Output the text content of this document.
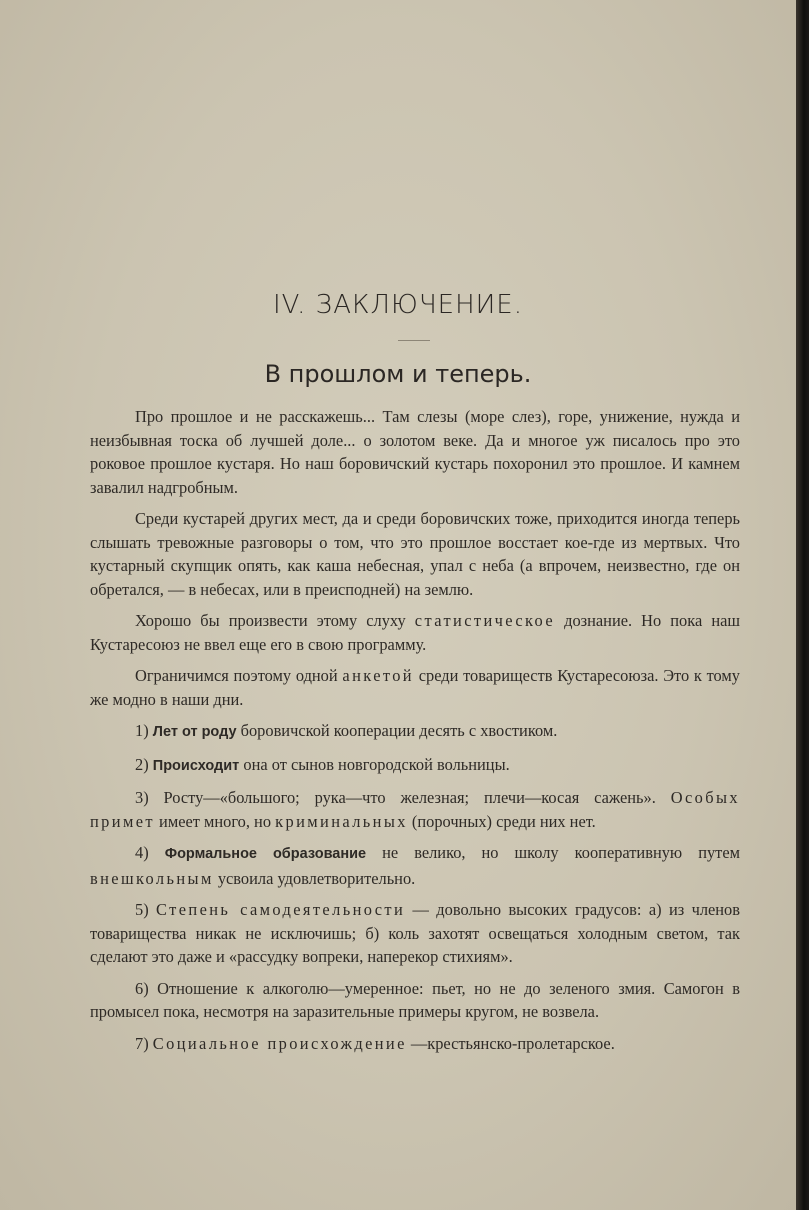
IV. ЗАКЛЮЧЕНИЕ.
В прошлом и теперь.

Про прошлое и не расскажешь... Там слезы (море слез), горе, унижение, нужда и неизбывная тоска об лучшей доле... о золотом веке. Да и многое уж писалось про это роковое прошлое кустаря. Но наш боровичский кустарь похоронил это прошлое. И камнем завалил надгробным.

Среди кустарей других мест, да и среди боровичских тоже, приходится иногда теперь слышать тревожные разговоры о том, что это прошлое восстает кое-где из мертвых. Что кустарный скупщик опять, как каша небесная, упал с неба (а впрочем, неизвестно, где он обретался, — в небесах, или в преисподней) на землю.

Хорошо бы произвести этому слуху статистическое дознание. Но пока наш Кустаресоюз не ввел еще его в свою программу.

Ограничимся поэтому одной анкетой среди товариществ Кустаресоюза. Это к тому же модно в наши дни.

1) Лет от роду боровичской кооперации десять с хвостиком.

2) Происходит она от сынов новгородской вольницы.

3) Росту—«большого; рука—что железная; плечи—косая сажень». Особых примет имеет много, но криминальных (порочных) среди них нет.

4) Формальное образование не велико, но школу кооперативную путем внешкольным усвоила удовлетворительно.

5) Степень самодеятельности — довольно высоких градусов: а) из членов товарищества никак не исключишь; б) коль захотят освещаться холодным светом, так сделают это даже и «рассудку вопреки, наперекор стихиям».

6) Отношение к алкоголю—умеренное: пьет, но не до зеленого змия. Самогон в промысел пока, несмотря на заразительные примеры кругом, не возвела.

7) Социальное происхождение —крестьянско-пролетарское.
